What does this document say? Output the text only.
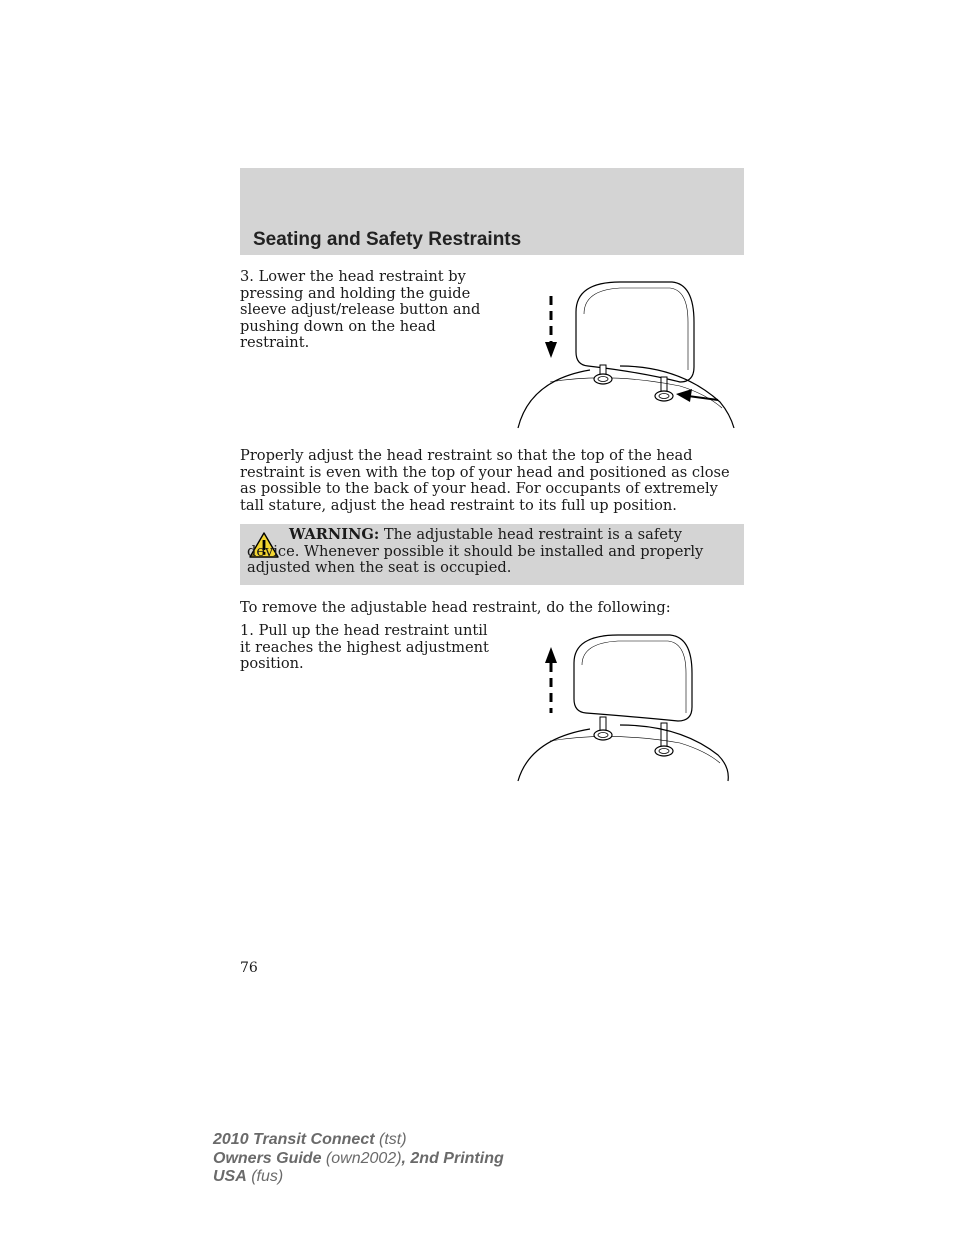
Seating and Safety Restraints

3. Lower the head restraint by pressing and holding the guide sleeve adjust/release button and pushing down on the head restraint.

Properly adjust the head restraint so that the top of the head restraint is even with the top of your head and positioned as close as possible to the back of your head. For occupants of extremely tall stature, adjust the head restraint to its full up position.

WARNING: The adjustable head restraint is a safety device. Whenever possible it should be installed and properly adjusted when the seat is occupied.

To remove the adjustable head restraint, do the following:

1. Pull up the head restraint until it reaches the highest adjustment position.

76

2010 Transit Connect (tst)
Owners Guide (own2002), 2nd Printing
USA (fus)
